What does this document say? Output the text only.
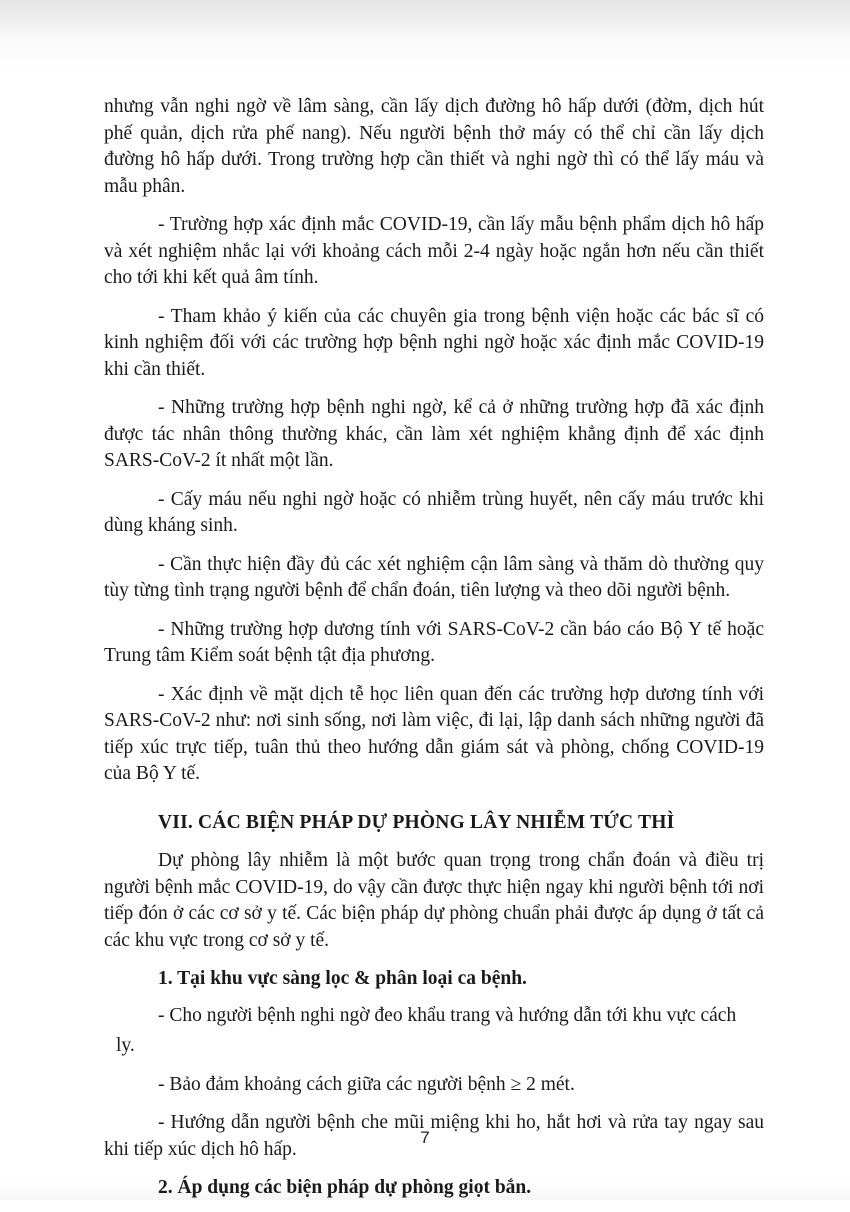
nhưng vẫn nghi ngờ về lâm sàng, cần lấy dịch đường hô hấp dưới (đờm, dịch hút phế quản, dịch rửa phế nang). Nếu người bệnh thở máy có thể chỉ cần lấy dịch đường hô hấp dưới. Trong trường hợp cần thiết và nghi ngờ thì có thể lấy máu và mẫu phân.

- Trường hợp xác định mắc COVID-19, cần lấy mẫu bệnh phẩm dịch hô hấp và xét nghiệm nhắc lại với khoảng cách mỗi 2-4 ngày hoặc ngắn hơn nếu cần thiết cho tới khi kết quả âm tính.

- Tham khảo ý kiến của các chuyên gia trong bệnh viện hoặc các bác sĩ có kinh nghiệm đối với các trường hợp bệnh nghi ngờ hoặc xác định mắc COVID-19 khi cần thiết.

- Những trường hợp bệnh nghi ngờ, kể cả ở những trường hợp đã xác định được tác nhân thông thường khác, cần làm xét nghiệm khẳng định để xác định SARS-CoV-2 ít nhất một lần.

- Cấy máu nếu nghi ngờ hoặc có nhiễm trùng huyết, nên cấy máu trước khi dùng kháng sinh.

- Cần thực hiện đầy đủ các xét nghiệm cận lâm sàng và thăm dò thường quy tùy từng tình trạng người bệnh để chẩn đoán, tiên lượng và theo dõi người bệnh.

- Những trường hợp dương tính với SARS-CoV-2 cần báo cáo Bộ Y tế hoặc Trung tâm Kiểm soát bệnh tật địa phương.

- Xác định về mặt dịch tễ học liên quan đến các trường hợp dương tính với SARS-CoV-2 như: nơi sinh sống, nơi làm việc, đi lại, lập danh sách những người đã tiếp xúc trực tiếp, tuân thủ theo hướng dẫn giám sát và phòng, chống COVID-19 của Bộ Y tế.

VII. CÁC BIỆN PHÁP DỰ PHÒNG LÂY NHIỄM TỨC THÌ

Dự phòng lây nhiễm là một bước quan trọng trong chẩn đoán và điều trị người bệnh mắc COVID-19, do vậy cần được thực hiện ngay khi người bệnh tới nơi tiếp đón ở các cơ sở y tế. Các biện pháp dự phòng chuẩn phải được áp dụng ở tất cả các khu vực trong cơ sở y tế.

1. Tại khu vực sàng lọc & phân loại ca bệnh.

- Cho người bệnh nghi ngờ đeo khẩu trang và hướng dẫn tới khu vực cách

ly.

- Bảo đảm khoảng cách giữa các người bệnh ≥ 2 mét.

- Hướng dẫn người bệnh che mũi miệng khi ho, hắt hơi và rửa tay ngay sau khi tiếp xúc dịch hô hấp.

2. Áp dụng các biện pháp dự phòng giọt bắn.

7
